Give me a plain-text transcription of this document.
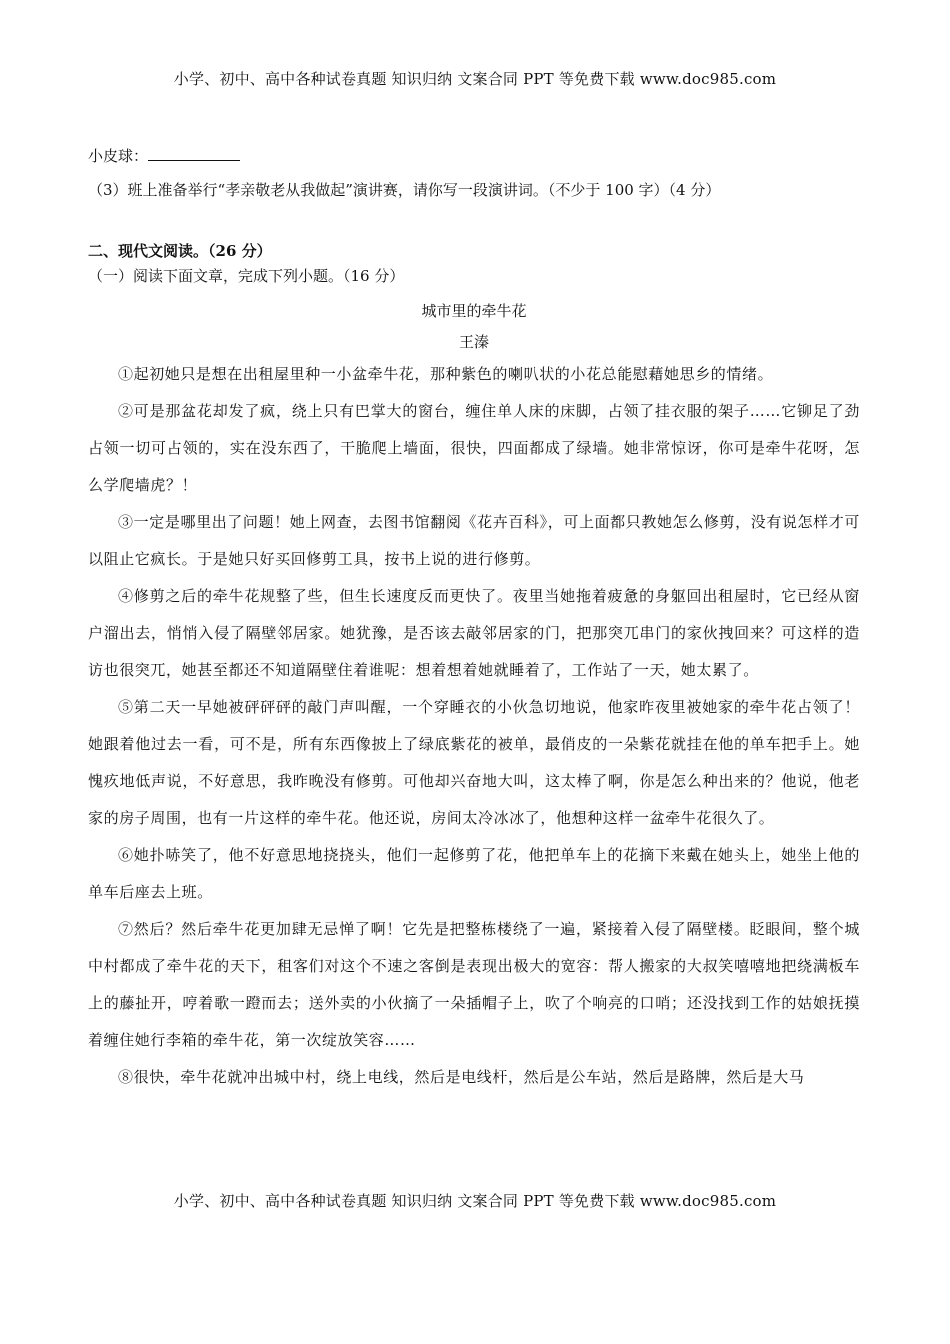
小学、初中、高中各种试卷真题 知识归纳 文案合同 PPT 等免费下载 www.doc985.com
小皮球：
（3）班上准备举行“孝亲敬老从我做起”演讲赛，请你写一段演讲词。（不少于 100 字）（4 分）
二、现代文阅读。（26 分）
（一）阅读下面文章，完成下列小题。（16 分）
城市里的牵牛花
王溱

①起初她只是想在出租屋里种一小盆牵牛花，那种紫色的喇叭状的小花总能慰藉她思乡的情绪。

②可是那盆花却发了疯，绕上只有巴掌大的窗台，缠住单人床的床脚，占领了挂衣服的架子……它铆足了劲占领一切可占领的，实在没东西了，干脆爬上墙面，很快，四面都成了绿墙。她非常惊讶，你可是牵牛花呀，怎么学爬墙虎？！

③一定是哪里出了问题！她上网查，去图书馆翻阅《花卉百科》，可上面都只教她怎么修剪，没有说怎样才可以阻止它疯长。于是她只好买回修剪工具，按书上说的进行修剪。

④修剪之后的牵牛花规整了些，但生长速度反而更快了。夜里当她拖着疲惫的身躯回出租屋时，它已经从窗户溜出去，悄悄入侵了隔壁邻居家。她犹豫，是否该去敲邻居家的门，把那突兀串门的家伙拽回来？可这样的造访也很突兀，她甚至都还不知道隔壁住着谁呢：想着想着她就睡着了，工作站了一天，她太累了。

⑤第二天一早她被砰砰砰的敲门声叫醒，一个穿睡衣的小伙急切地说，他家昨夜里被她家的牵牛花占领了！她跟着他过去一看，可不是，所有东西像披上了绿底紫花的被单，最俏皮的一朵紫花就挂在他的单车把手上。她愧疚地低声说，不好意思，我昨晚没有修剪。可他却兴奋地大叫，这太棒了啊，你是怎么种出来的？他说，他老家的房子周围，也有一片这样的牵牛花。他还说，房间太冷冰冰了，他想种这样一盆牵牛花很久了。

⑥她扑哧笑了，他不好意思地挠挠头，他们一起修剪了花，他把单车上的花摘下来戴在她头上，她坐上他的单车后座去上班。

⑦然后？然后牵牛花更加肆无忌惮了啊！它先是把整栋楼绕了一遍，紧接着入侵了隔壁楼。眨眼间，整个城中村都成了牵牛花的天下，租客们对这个不速之客倒是表现出极大的宽容：帮人搬家的大叔笑嘻嘻地把绕满板车上的藤扯开，哼着歌一蹬而去；送外卖的小伙摘了一朵插帽子上，吹了个响亮的口哨；还没找到工作的姑娘抚摸着缠住她行李箱的牵牛花，第一次绽放笑容……

⑧很快，牵牛花就冲出城中村，绕上电线，然后是电线杆，然后是公车站，然后是路牌，然后是大马

小学、初中、高中各种试卷真题 知识归纳 文案合同 PPT 等免费下载 www.doc985.com
